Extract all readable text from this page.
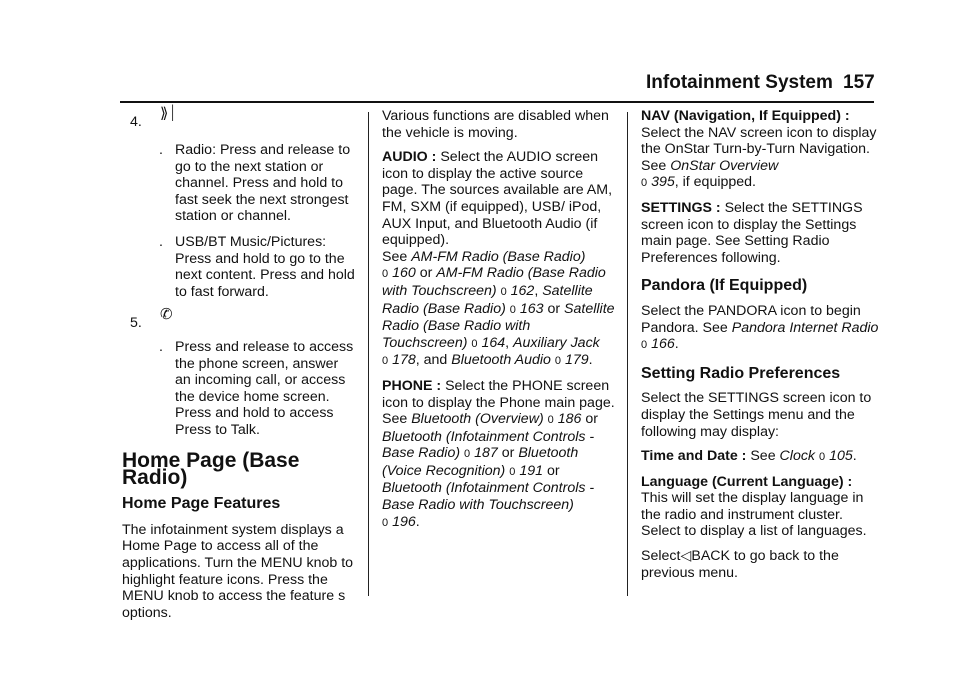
Infotainment System 157
4. ⟫⏐
. Radio: Press and release to go to the next station or channel. Press and hold to fast seek the next strongest station or channel.
. USB/BT Music/Pictures: Press and hold to go to the next content. Press and hold to fast forward.
5. ✆
. Press and release to access the phone screen, answer an incoming call, or access the device home screen. Press and hold to access Press to Talk.
Home Page (Base Radio)
Home Page Features

The infotainment system displays a Home Page to access all of the applications. Turn the MENU knob to highlight feature icons. Press the MENU knob to access the feature s options.

Various functions are disabled when the vehicle is moving.

AUDIO : Select the AUDIO screen icon to display the active source page. The sources available are AM, FM, SXM (if equipped), USB/ iPod, AUX Input, and Bluetooth Audio (if equipped).
See AM-FM Radio (Base Radio)
0 160 or AM-FM Radio (Base Radio with Touchscreen) 0 162, Satellite Radio (Base Radio) 0 163 or Satellite Radio (Base Radio with Touchscreen) 0 164, Auxiliary Jack
0 178, and Bluetooth Audio 0 179.

PHONE : Select the PHONE screen icon to display the Phone main page.
See Bluetooth (Overview) 0 186 or Bluetooth (Infotainment Controls - Base Radio) 0 187 or Bluetooth (Voice Recognition) 0 191 or Bluetooth (Infotainment Controls - Base Radio with Touchscreen)
0 196.

NAV (Navigation, If Equipped) :
Select the NAV screen icon to display the OnStar Turn-by-Turn Navigation. See OnStar Overview
0 395, if equipped.

SETTINGS : Select the SETTINGS screen icon to display the Settings main page. See Setting Radio Preferences following.

Pandora (If Equipped)

Select the PANDORA icon to begin Pandora. See Pandora Internet Radio 0 166.

Setting Radio Preferences

Select the SETTINGS screen icon to display the Settings menu and the following may display:

Time and Date : See Clock 0 105.

Language (Current Language) :
This will set the display language in the radio and instrument cluster. Select to display a list of languages.

Select◁BACK to go back to the previous menu.
